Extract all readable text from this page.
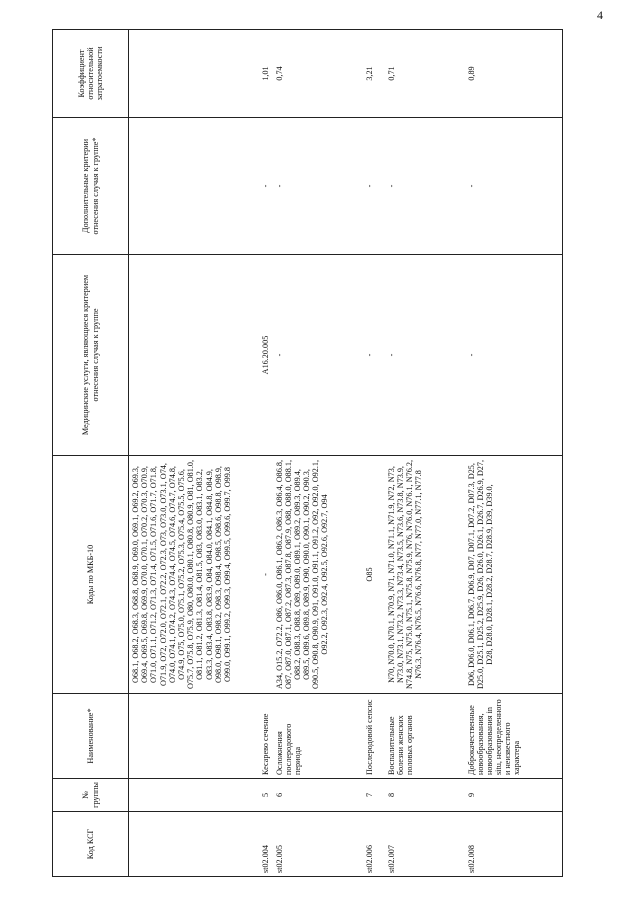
4
Код КСГ	№ группы	Наименование*	Коды по МКБ-10	Медицинские услуги, являющиеся критерием отнесения случая к группе	Дополнительные критерии отнесения случая к группе*	Коэффициент относительной затратоемкости
			O68.1, O68.2, O68.3, O68.8, O68.9, O69.0, O69.1, O69.2, O69.3, O69.4, O69.5, O69.8, O69.9, O70.0, O70.1, O70.2, O70.3, O70.9, O71.0, O71.1, O71.2, O71.3, O71.4, O71.5, O71.6, O71.7, O71.8, O71.9, O72, O72.0, O72.1, O72.2, O72.3, O73, O73.0, O73.1, O74, O74.0, O74.1, O74.2, O74.3, O74.4, O74.5, O74.6, O74.7, O74.8, O74.9, O75, O75.0, O75.1, O75.2, O75.3, O75.4, O75.5, O75.6, O75.7, O75.8, O75.9, O80, O80.0, O80.1, O80.8, O80.9, O81, O81.0, O81.1, O81.2, O81.3, O81.4, O81.5, O83, O83.0, O83.1, O83.2, O83.3, O83.4, O83.8, O83.9, O84, O84.0, O84.1, O84.8, O84.9, O98.0, O98.1, O98.2, O98.3, O98.4, O98.5, O98.6, O98.8, O98.9, O99.0, O99.1, O99.2, O99.3, O99.4, O99.5, O99.6, O99.7, O99.8			
st02.004	5	Кесарево сечение	-	A16.20.005	-	1,01
st02.005	6	Осложнения послеродового периода	A34, O15.2, O72.2, O86, O86.0, O86.1, O86.2, O86.3, O86.4, O86.8, O87, O87.0, O87.1, O87.2, O87.3, O87.8, O87.9, O88, O88.0, O88.1, O88.2, O88.3, O88.8, O89, O89.0, O89.1, O89.2, O89.3, O89.4, O89.5, O89.6, O89.8, O89.9, O90, O90.0, O90.1, O90.2, O90.3, O90.5, O90.8, O90.9, O91, O91.0, O91.1, O91.2, O92, O92.0, O92.1, O92.2, O92.3, O92.4, O92.5, O92.6, O92.7, O94	-	-	0,74
st02.006	7	Послеродовой сепсис	O85	-	-	3,21
st02.007	8	Воспалительные болезни женских половых органов	N70, N70.0, N70.1, N70.9, N71, N71.0, N71.1, N71.9, N72, N73, N73.0, N73.1, N73.2, N73.3, N73.4, N73.5, N73.6, N73.8, N73.9, N74.8, N75, N75.0, N75.1, N75.8, N75.9, N76, N76.0, N76.1, N76.2, N76.3, N76.4, N76.5, N76.6, N76.8, N77, N77.0, N77.1, N77.8	-	-	0,71
st02.008	9	Доброкачественные новообразования, новообразования in situ, неопределенного и неизвестного характера	D06, D06.0, D06.1, D06.7, D06.9, D07, D07.1, D07.2, D07.3, D25, D25.0, D25.1, D25.2, D25.9, D26, D26.0, D26.1, D26.7, D26.9, D27, D28, D28.0, D28.1, D28.2, D28.7, D28.9, D39, D39.0,	-	-	0,89
